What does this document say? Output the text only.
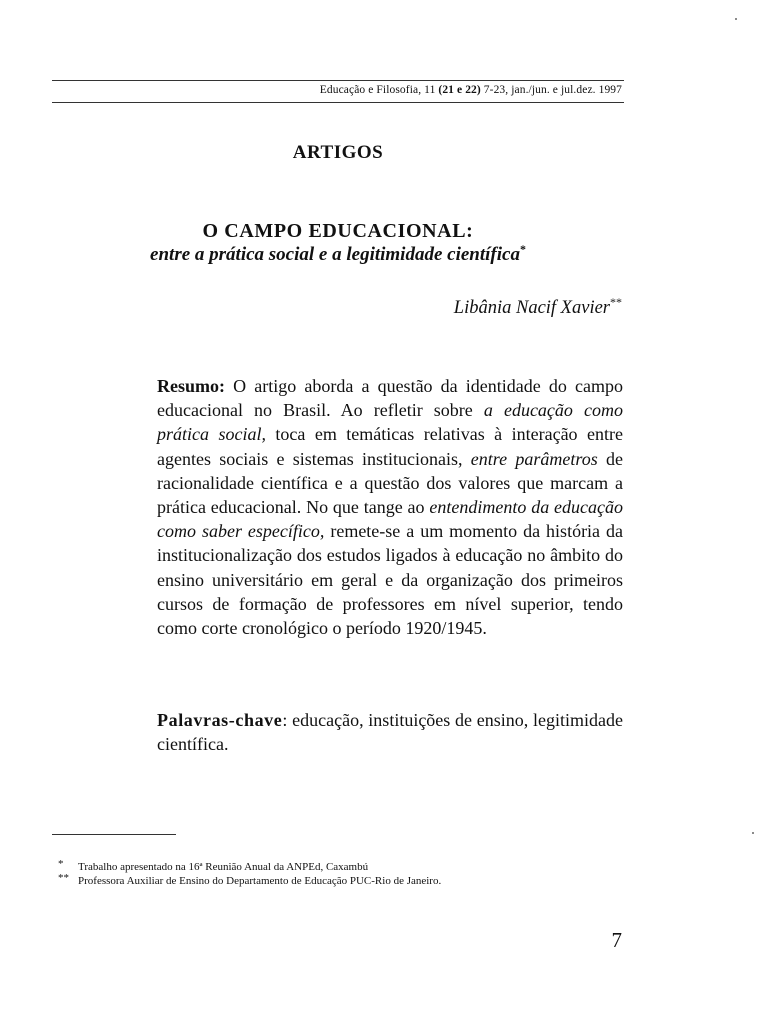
Educação e Filosofia, 11 (21 e 22) 7-23, jan./jun. e jul.dez. 1997
ARTIGOS
O CAMPO EDUCACIONAL:
entre a prática social e a legitimidade científica*
Libânia Nacif Xavier**
Resumo: O artigo aborda a questão da identidade do campo educacional no Brasil. Ao refletir sobre a educação como prática social, toca em temáticas relativas à interação entre agentes sociais e sistemas institucionais, entre parâmetros de racionalidade científica e a questão dos valores que marcam a prática educacional. No que tange ao entendimento da educação como saber específico, remete-se a um momento da história da institucionalização dos estudos ligados à educação no âmbito do ensino universitário em geral e da organização dos primeiros cursos de formação de professores em nível superior, tendo como corte cronológico o período 1920/1945.
Palavras-chave: educação, instituições de ensino, legitimidade científica.
* Trabalho apresentado na 16ª Reunião Anual da ANPEd, Caxambú
** Professora Auxiliar de Ensino do Departamento de Educação PUC-Rio de Janeiro.
7
